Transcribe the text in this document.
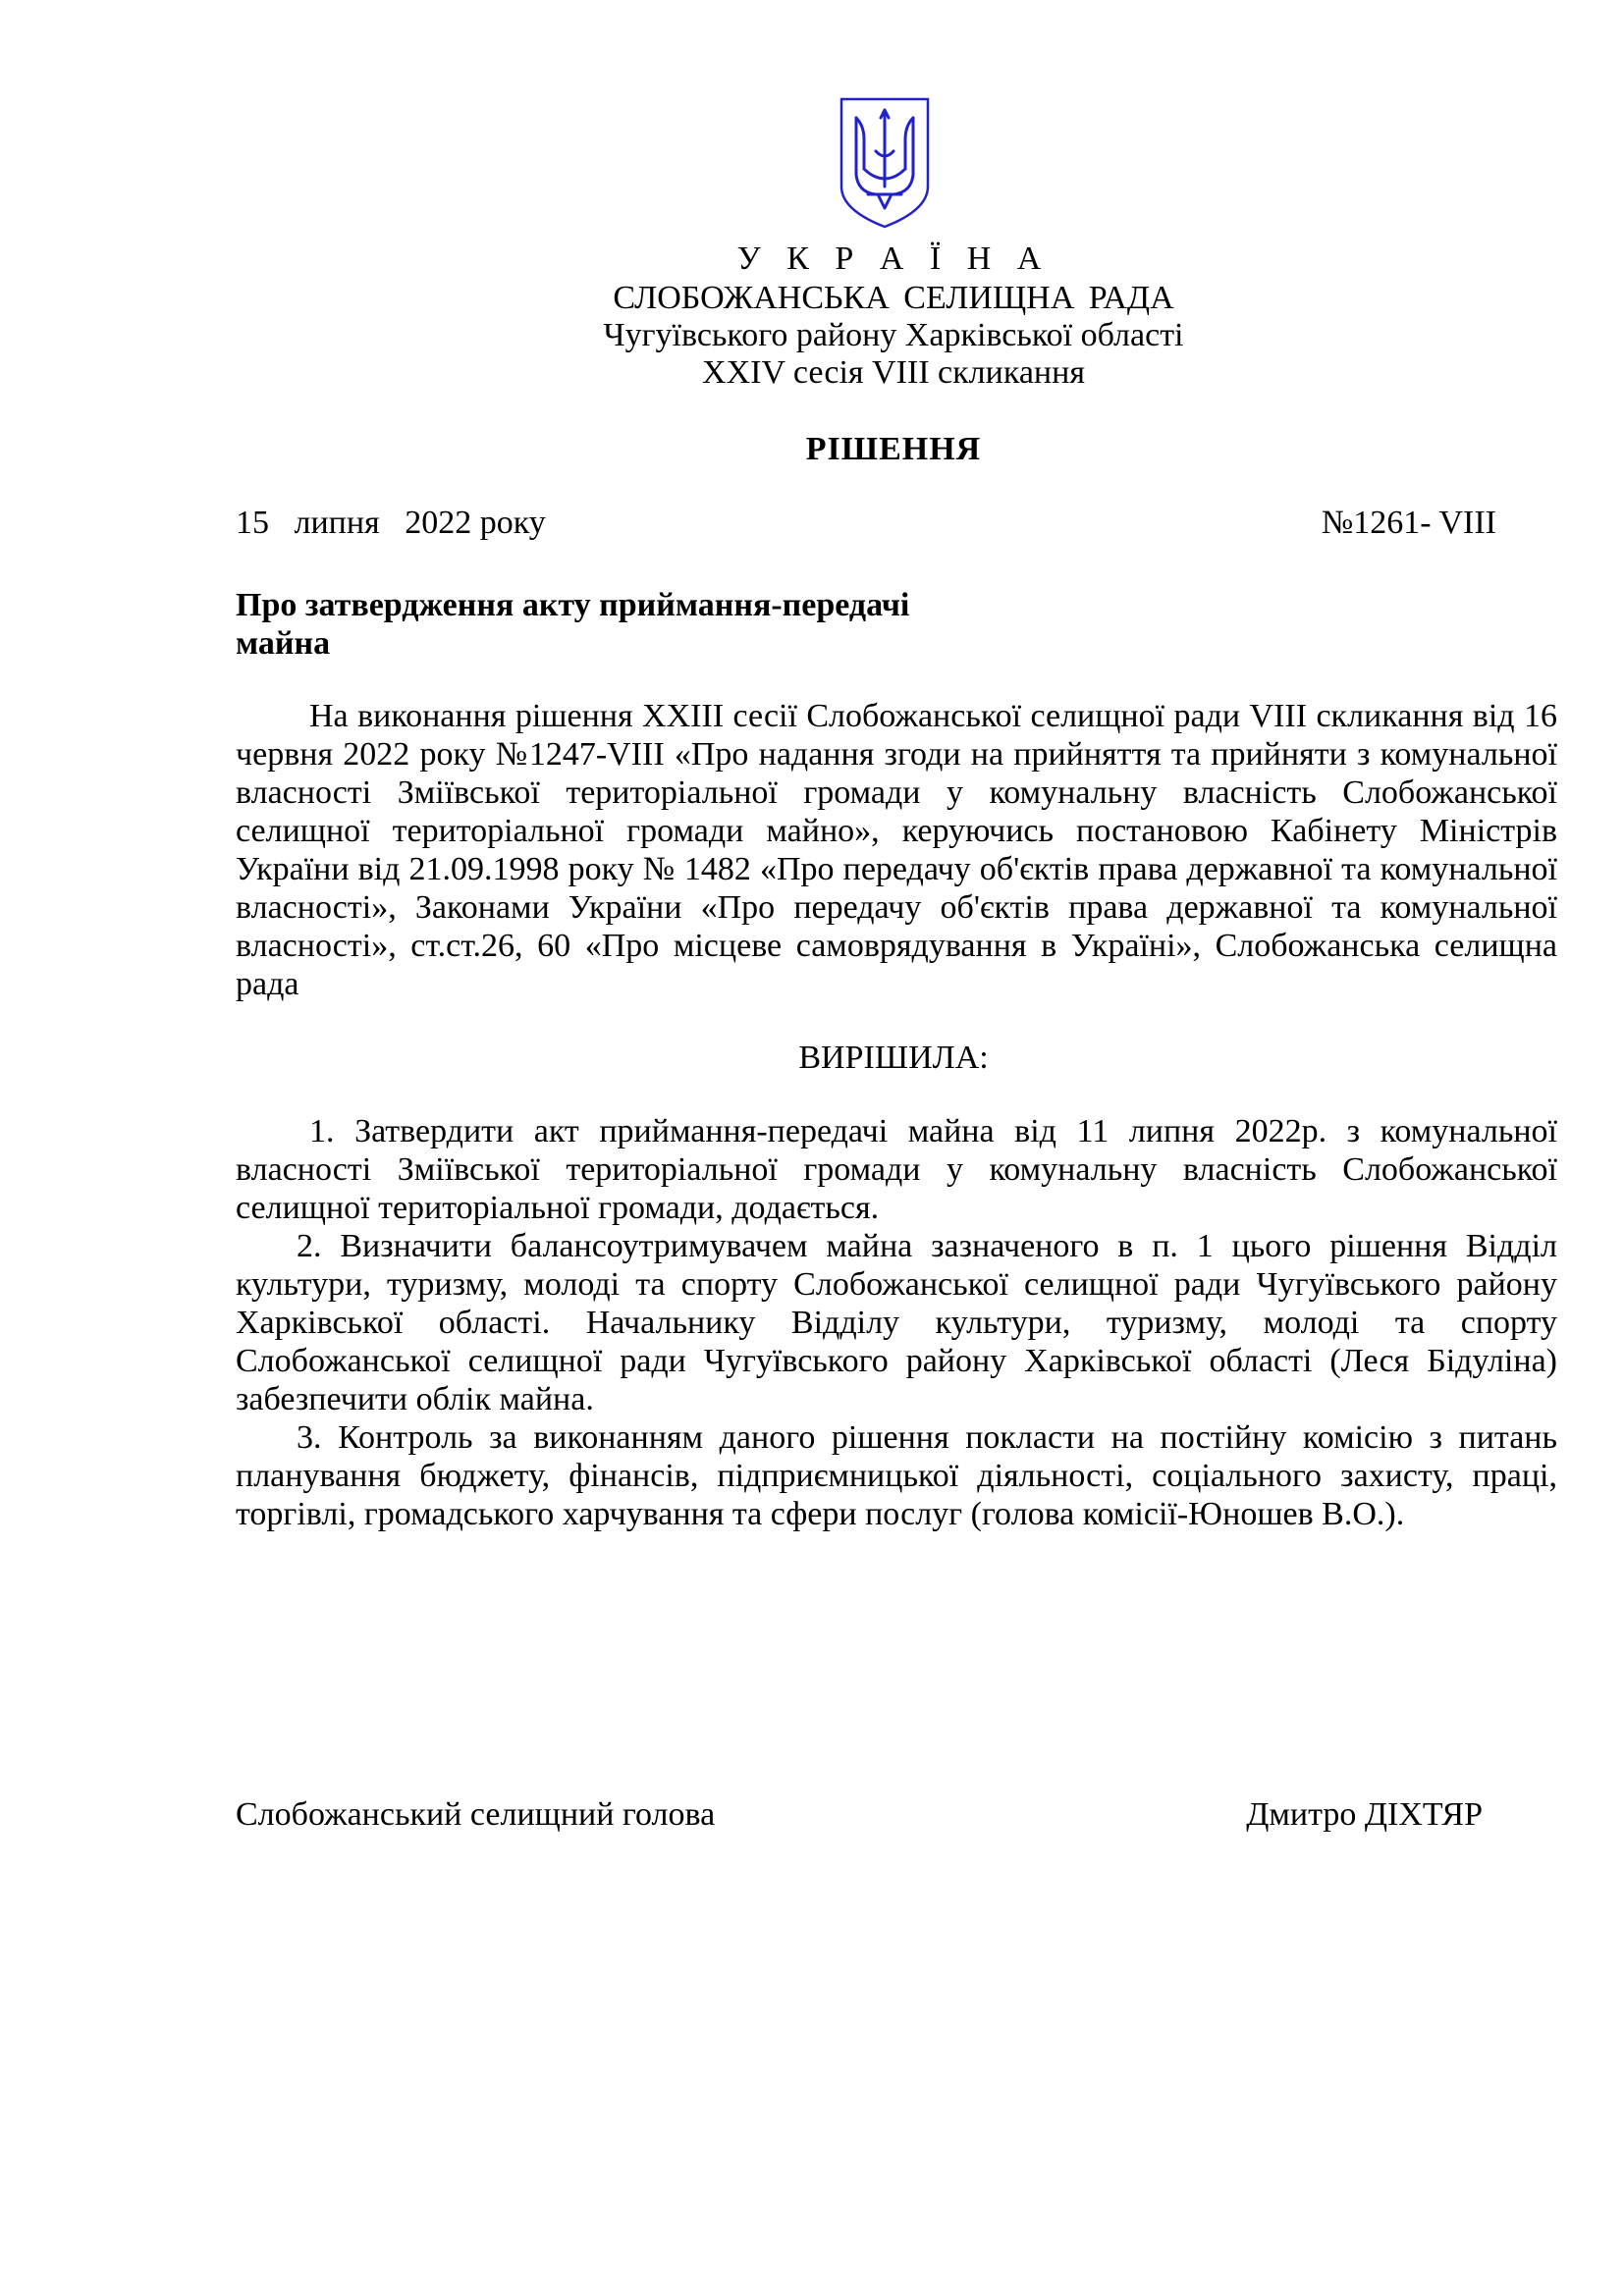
У К Р А Ї Н А
СЛОБОЖАНСЬКА СЕЛИЩНА РАДА
Чугуївського району Харківської області
XXIV сесія VIII скликання
РІШЕННЯ
15   липня   2022 року	№1261- VIII
Про затвердження акту приймання-передачі
майна

На виконання рішення XXIII сесії Слобожанської селищної ради VIII скликання від 16 червня 2022 року №1247-VIII «Про надання згоди на прийняття та прийняти з комунальної власності Зміївської територіальної громади у комунальну власність Слобожанської селищної територіальної громади майно», керуючись постановою Кабінету Міністрів України від 21.09.1998 року № 1482 «Про передачу об'єктів права державної та комунальної власності», Законами України «Про передачу об'єктів права державної та комунальної власності», ст.ст.26, 60 «Про місцеве самоврядування в Україні», Слобожанська селищна рада

ВИРІШИЛА:

1. Затвердити акт приймання-передачі майна від 11 липня 2022р. з комунальної власності Зміївської територіальної громади у комунальну власність Слобожанської селищної територіальної громади, додається.

2. Визначити балансоутримувачем майна зазначеного в п. 1 цього рішення Відділ культури, туризму, молоді та спорту Слобожанської селищної ради Чугуївського району Харківської області. Начальнику Відділу культури, туризму, молоді та спорту Слобожанської селищної ради Чугуївського району Харківської області (Леся Бідуліна) забезпечити облік майна.

3. Контроль за виконанням даного рішення покласти на постійну комісію з питань планування бюджету, фінансів, підприємницької діяльності, соціального захисту, праці, торгівлі, громадського харчування та сфери послуг (голова комісії-Юношев В.О.).

Слобожанський селищний голова	Дмитро ДІХТЯР
